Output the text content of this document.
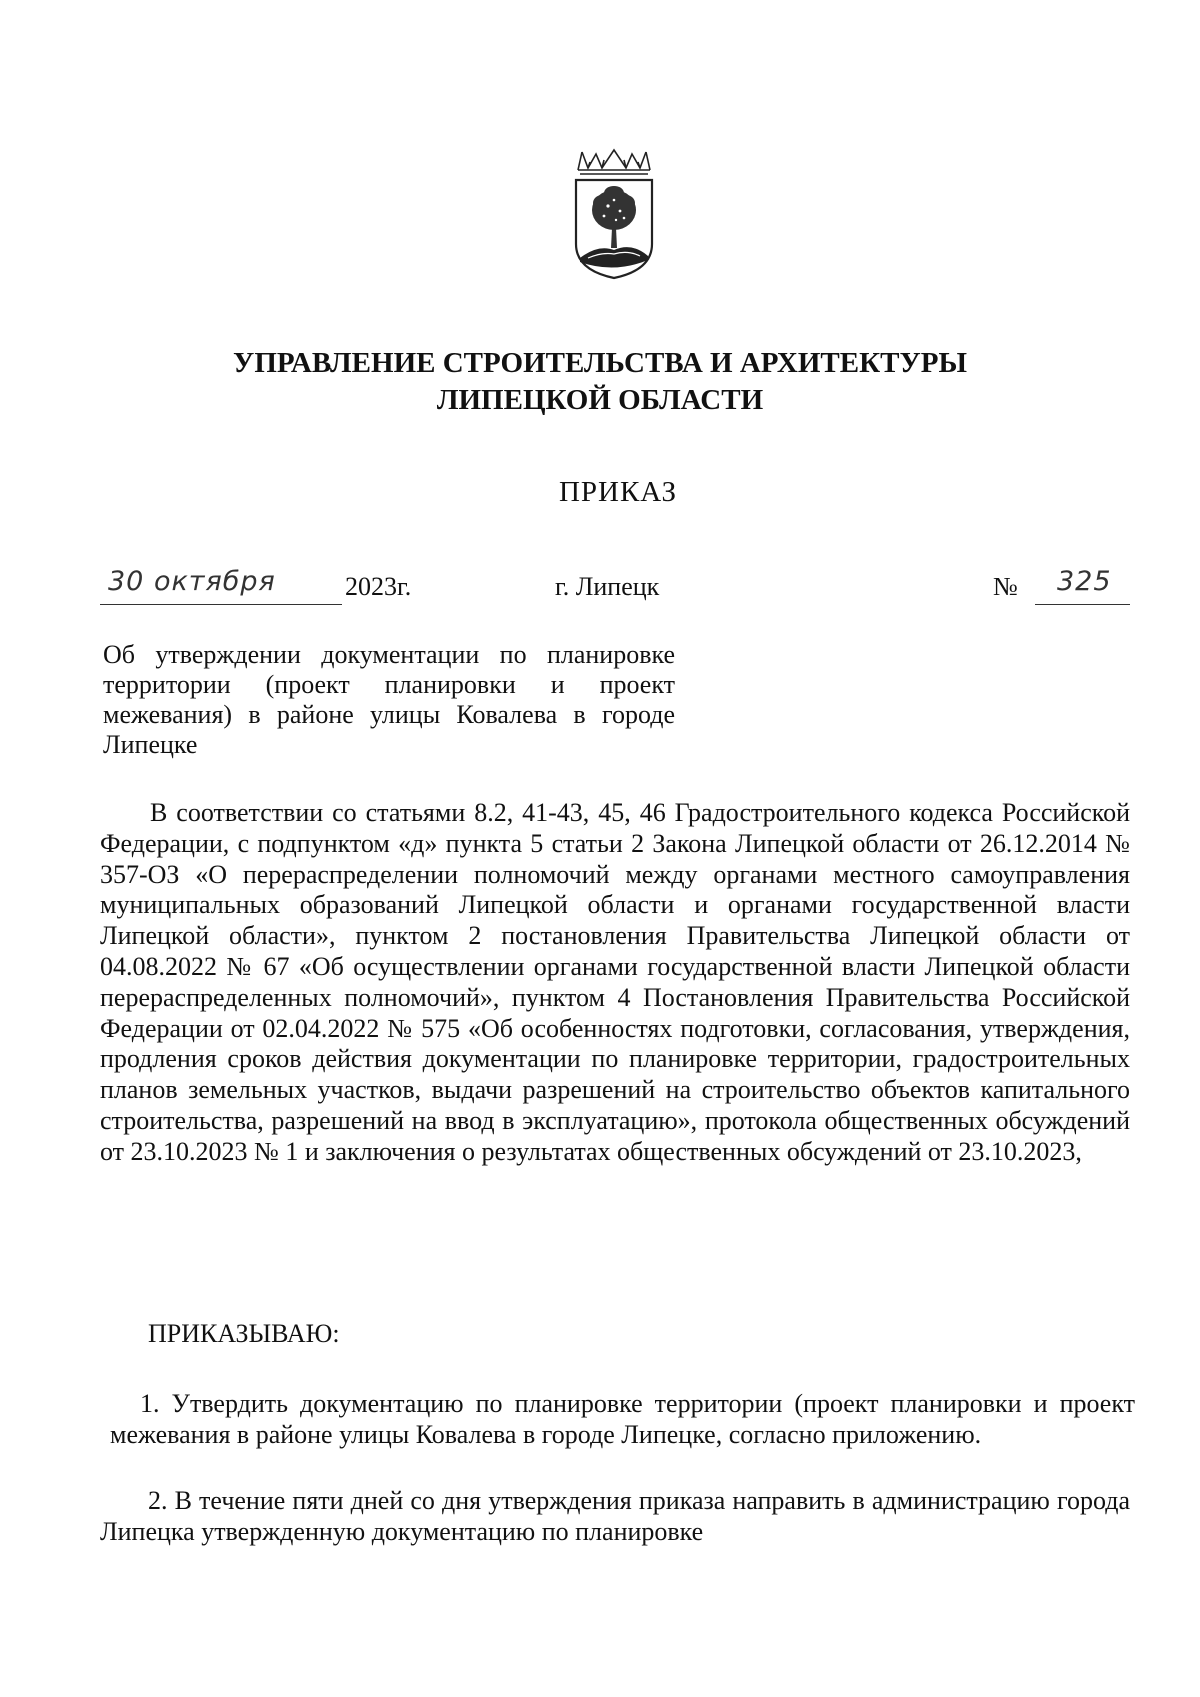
УПРАВЛЕНИЕ СТРОИТЕЛЬСТВА И АРХИТЕКТУРЫ
ЛИПЕЦКОЙ ОБЛАСТИ
ПРИКАЗ
30 октября	2023г.	г. Липецк	№ 325
Об утверждении документации по планировке территории (проект планировки и проект межевания) в районе улицы Ковалева в городе Липецке
В соответствии со статьями 8.2, 41-43, 45, 46 Градостроительного кодекса Российской Федерации, с подпунктом «д» пункта 5 статьи 2 Закона Липецкой области от 26.12.2014 № 357-ОЗ «О перераспределении полномочий между органами местного самоуправления муниципальных образований Липецкой области и органами государственной власти Липецкой области», пунктом 2 постановления Правительства Липецкой области от 04.08.2022 № 67 «Об осуществлении органами государственной власти Липецкой области перераспределенных полномочий», пунктом 4 Постановления Правительства Российской Федерации от 02.04.2022 № 575 «Об особенностях подготовки, согласования, утверждения, продления сроков действия документации по планировке территории, градостроительных планов земельных участков, выдачи разрешений на строительство объектов капитального строительства, разрешений на ввод в эксплуатацию», протокола общественных обсуждений от 23.10.2023 № 1 и заключения о результатах общественных обсуждений от 23.10.2023,
ПРИКАЗЫВАЮ:
1. Утвердить документацию по планировке территории (проект планировки и проект межевания в районе улицы Ковалева в городе Липецке, согласно приложению.
2. В течение пяти дней со дня утверждения приказа направить в администрацию города Липецка утвержденную документацию по планировке
